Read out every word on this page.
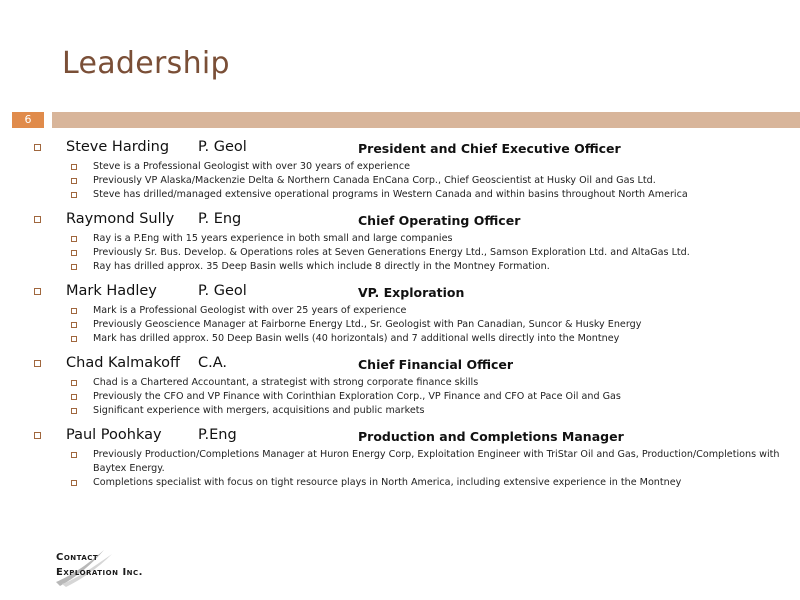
Leadership
6
Steve Harding P. Geol	President and Chief Executive Officer
Steve is a Professional Geologist with over 30 years of experience
Previously VP Alaska/Mackenzie Delta & Northern Canada EnCana Corp., Chief Geoscientist at Husky Oil and Gas Ltd.
Steve has drilled/managed extensive operational programs in Western Canada and within basins throughout North America
Raymond Sully P. Eng	Chief Operating Officer
Ray is a P.Eng with 15 years experience in both small and large companies
Previously Sr. Bus. Develop. & Operations roles at Seven Generations Energy Ltd., Samson Exploration Ltd. and AltaGas Ltd.
Ray has drilled approx. 35 Deep Basin wells which include 8 directly in the Montney Formation.
Mark Hadley	P. Geol	VP. Exploration
Mark is a Professional Geologist with over 25 years of experience
Previously Geoscience Manager at Fairborne Energy Ltd., Sr. Geologist with Pan Canadian, Suncor & Husky Energy
Mark has drilled approx. 50 Deep Basin wells (40 horizontals) and 7 additional wells directly into the Montney
Chad Kalmakoff C.A.	Chief Financial Officer
Chad is a Chartered Accountant, a strategist with strong corporate finance skills
Previously the CFO and VP Finance with Corinthian Exploration Corp., VP Finance and CFO at Pace Oil and Gas
Significant experience with mergers, acquisitions and public markets
Paul Poohkay	P.Eng	Production and Completions Manager
Previously Production/Completions Manager at Huron Energy Corp, Exploitation Engineer with TriStar Oil and Gas, Production/Completions with Baytex Energy.
Completions specialist with focus on tight resource plays in North America, including extensive experience in the Montney
Contact
Exploration Inc.
